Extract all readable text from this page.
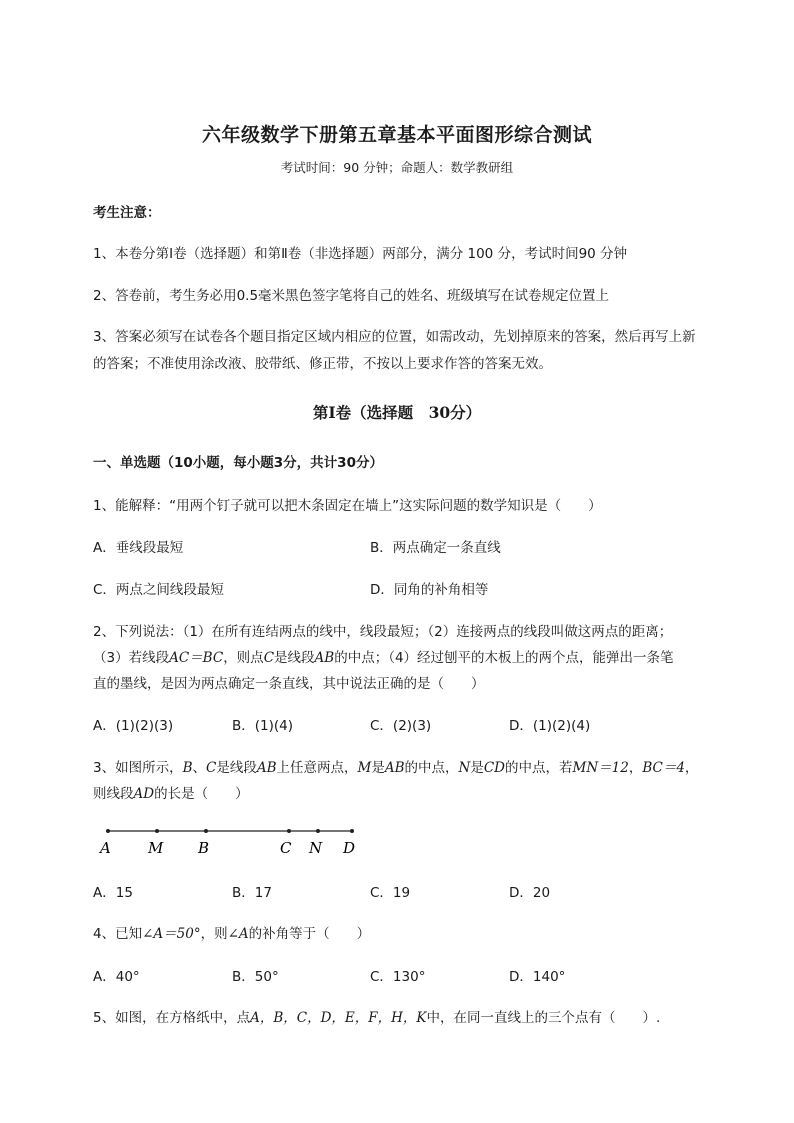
六年级数学下册第五章基本平面图形综合测试
考试时间：90 分钟；命题人：数学教研组
考生注意：
1、本卷分第Ⅰ卷（选择题）和第Ⅱ卷（非选择题）两部分，满分 100 分，考试时间90 分钟
2、答卷前，考生务必用0.5毫米黑色签字笔将自己的姓名、班级填写在试卷规定位置上
3、答案必须写在试卷各个题目指定区域内相应的位置，如需改动，先划掉原来的答案，然后再写上新
的答案；不准使用涂改液、胶带纸、修正带，不按以上要求作答的答案无效。
第Ⅰ卷（选择题　30分）
一、单选题（10小题，每小题3分，共计30分）
1、能解释：“用两个钉子就可以把木条固定在墙上”这实际问题的数学知识是（　　）
A．垂线段最短	B．两点确定一条直线
C．两点之间线段最短	D．同角的补角相等
2、下列说法：（1）在所有连结两点的线中，线段最短；（2）连接两点的线段叫做这两点的距离；
（3）若线段AC＝BC，则点C是线段AB的中点；（4）经过刨平的木板上的两个点，能弹出一条笔
直的墨线，是因为两点确定一条直线，其中说法正确的是（　　）
A．(1)(2)(3)	B．(1)(4)	C．(2)(3)	D．(1)(2)(4)
3、如图所示，B、C是线段AB上任意两点，M是AB的中点，N是CD的中点，若MN＝12，BC＝4，
则线段AD的长是（　　）
A M B	C N D
A．15	B．17	C．19	D．20
4、已知∠A＝50°，则∠A的补角等于（　　）
A．40°	B．50°	C．130°	D．140°
5、如图，在方格纸中，点A，B，C，D，E，F，H，K中，在同一直线上的三个点有（　　）.
